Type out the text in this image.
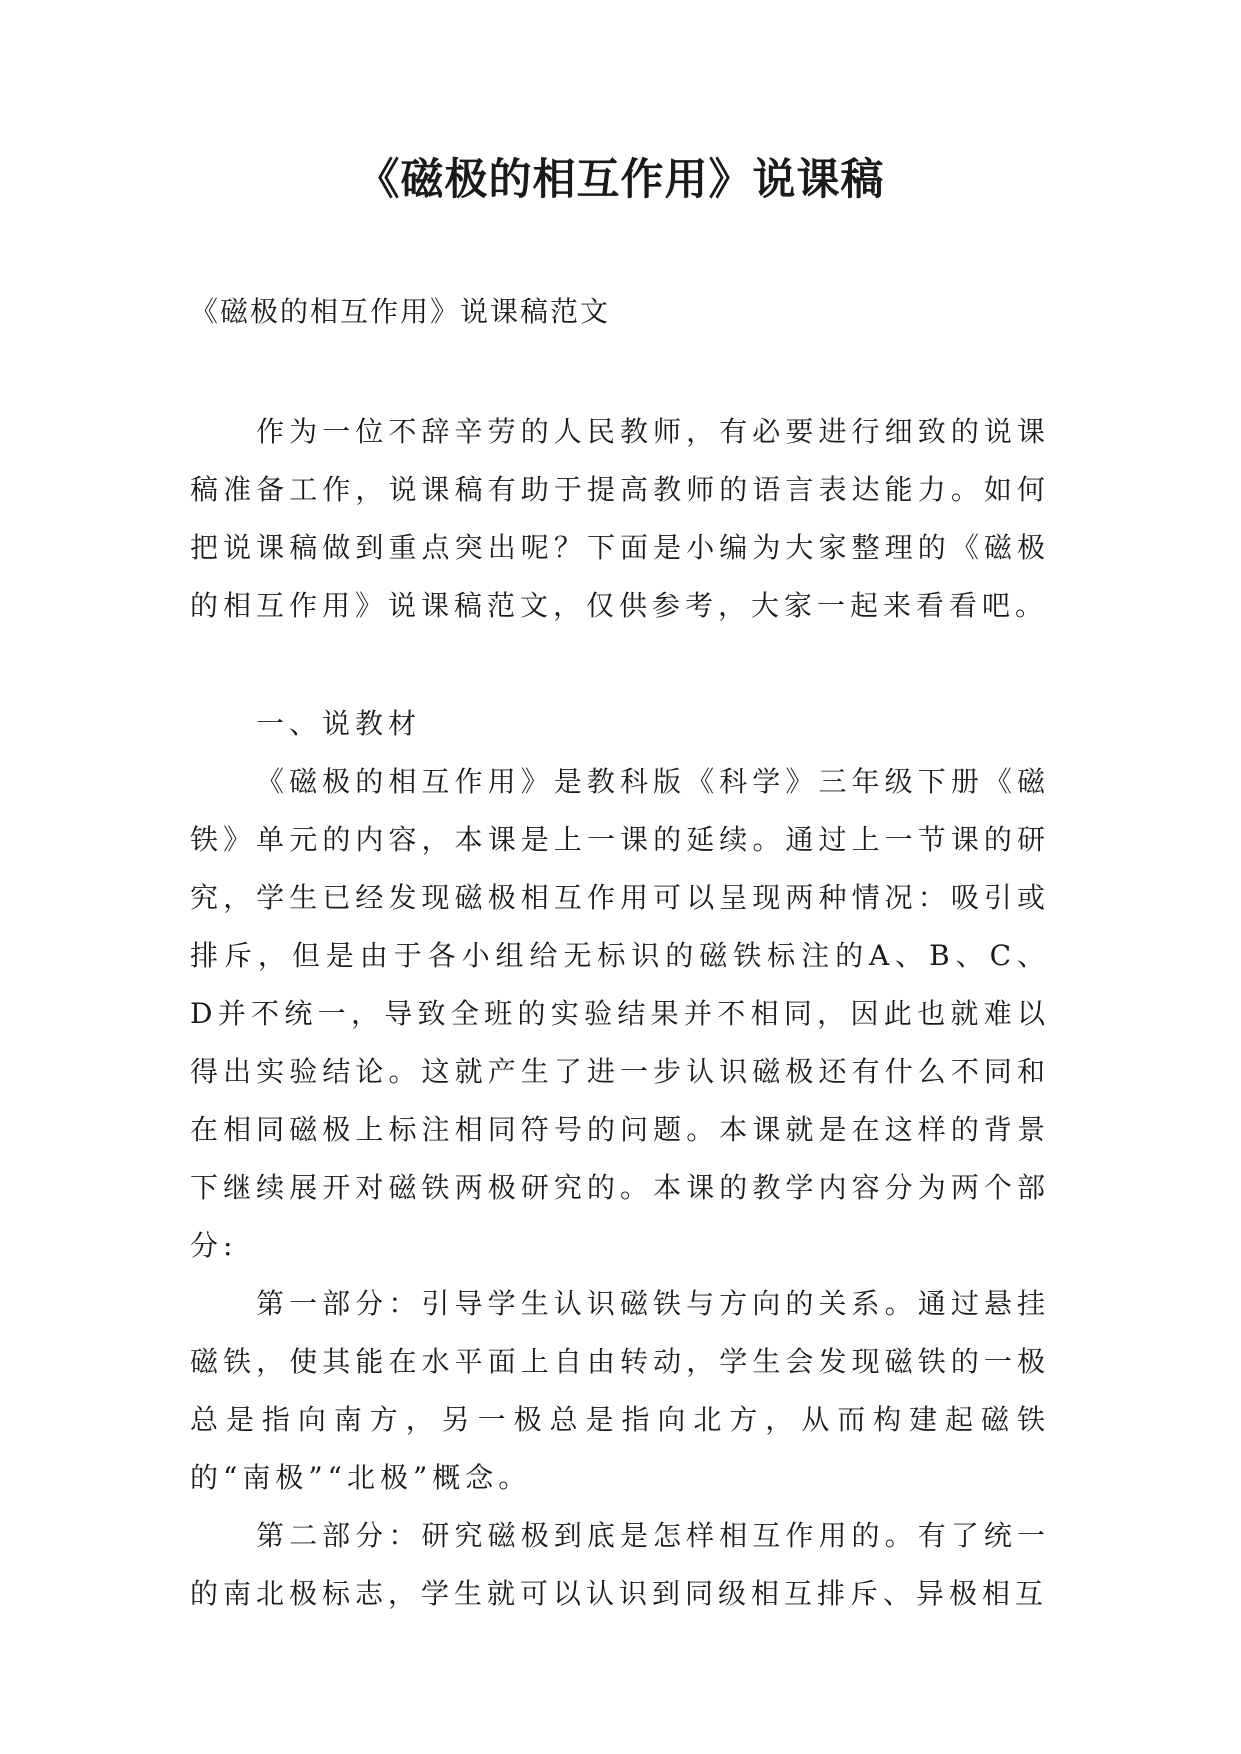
《磁极的相互作用》说课稿
《磁极的相互作用》说课稿范文

作为一位不辞辛劳的人民教师，有必要进行细致的说课稿准备工作，说课稿有助于提高教师的语言表达能力。如何把说课稿做到重点突出呢？下面是小编为大家整理的《磁极的相互作用》说课稿范文，仅供参考，大家一起来看看吧。

一、说教材

《磁极的相互作用》是教科版《科学》三年级下册《磁铁》单元的内容，本课是上一课的延续。通过上一节课的研究，学生已经发现磁极相互作用可以呈现两种情况：吸引或排斥，但是由于各小组给无标识的磁铁标注的A、B、C、D并不统一，导致全班的实验结果并不相同，因此也就难以得出实验结论。这就产生了进一步认识磁极还有什么不同和在相同磁极上标注相同符号的问题。本课就是在这样的背景下继续展开对磁铁两极研究的。本课的教学内容分为两个部分:

第一部分：引导学生认识磁铁与方向的关系。通过悬挂磁铁，使其能在水平面上自由转动，学生会发现磁铁的一极总是指向南方，另一极总是指向北方，从而构建起磁铁的“南极”“北极”概念。

第二部分：研究磁极到底是怎样相互作用的。有了统一的南北极标志，学生就可以认识到同级相互排斥、异极相互
